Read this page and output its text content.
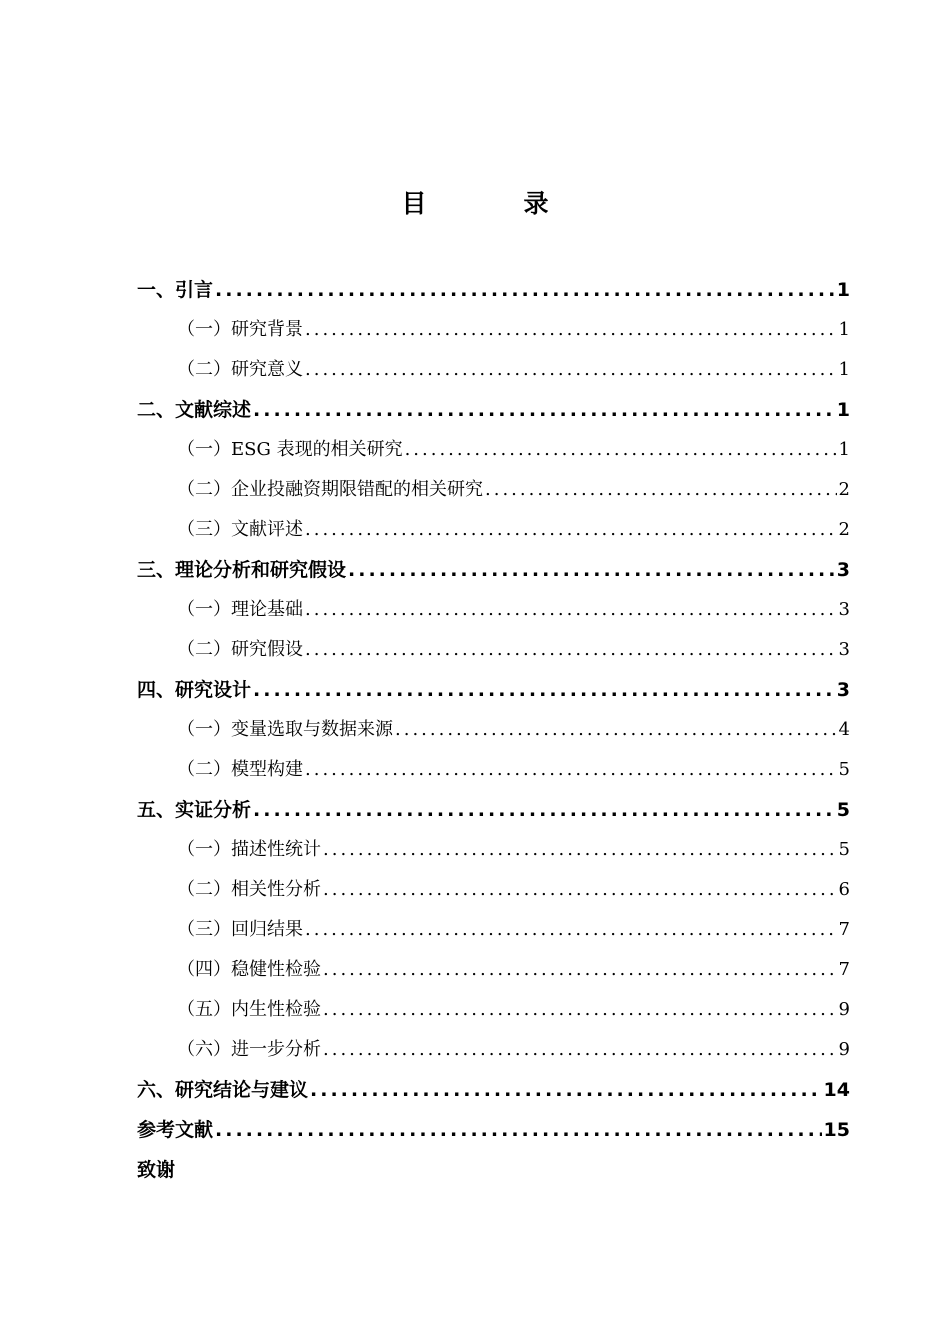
目　录
一、引言 .....	1
（一）研究背景 .....	1
（二）研究意义 .....	1
二、文献综述 .....	1
（一）ESG 表现的相关研究 .....	1
（二）企业投融资期限错配的相关研究 .....	2
（三）文献评述 .....	2
三、理论分析和研究假设 .....	3
（一）理论基础 .....	3
（二）研究假设 .....	3
四、研究设计 .....	3
（一）变量选取与数据来源 .....	4
（二）模型构建 .....	5
五、实证分析 .....	5
（一）描述性统计 .....	5
（二）相关性分析 .....	6
（三）回归结果 .....	7
（四）稳健性检验 .....	7
（五）内生性检验 .....	9
（六）进一步分析 .....	9
六、研究结论与建议 .....	14
参考文献 .....	15
致谢
